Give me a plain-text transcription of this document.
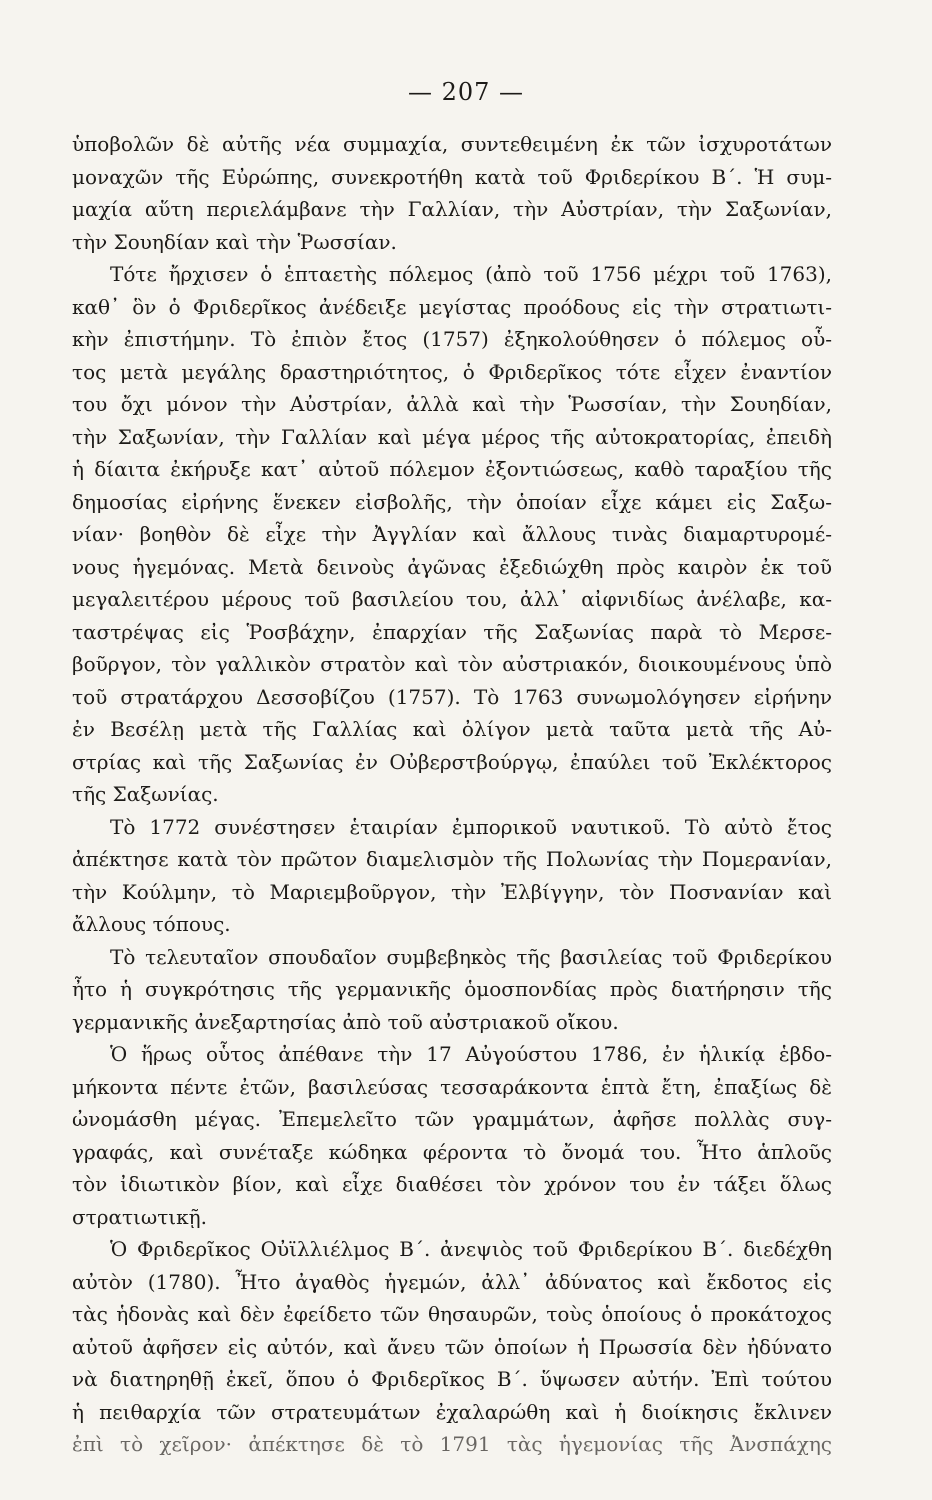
— 207 —
ὑποβολῶν δὲ αὐτῆς νέα συμμαχία, συντεθειμένη ἐκ τῶν ἰσχυροτάτων
μοναχῶν τῆς Εὐρώπης, συνεκροτήθη κατὰ τοῦ Φριδερίκου Β΄. Ἡ συμ-
μαχία αὕτη περιελάμβανε τὴν Γαλλίαν, τὴν Αὐστρίαν, τὴν Σαξωνίαν,
τὴν Σουηδίαν καὶ τὴν Ῥωσσίαν.
Τότε ἤρχισεν ὁ ἑπταετὴς πόλεμος (ἀπὸ τοῦ 1756 μέχρι τοῦ 1763),
καθ᾽ ὃν ὁ Φριδερῖκος ἀνέδειξε μεγίστας προόδους εἰς τὴν στρατιωτι-
κὴν ἐπιστήμην. Τὸ ἐπιὸν ἔτος (1757) ἐξηκολούθησεν ὁ πόλεμος οὗ-
τος μετὰ μεγάλης δραστηριότητος, ὁ Φριδερῖκος τότε εἶχεν ἐναντίον
του ὄχι μόνον τὴν Αὐστρίαν, ἀλλὰ καὶ τὴν Ῥωσσίαν, τὴν Σουηδίαν,
τὴν Σαξωνίαν, τὴν Γαλλίαν καὶ μέγα μέρος τῆς αὐτοκρατορίας, ἐπειδὴ
ἡ δίαιτα ἐκήρυξε κατ᾽ αὐτοῦ πόλεμον ἐξοντιώσεως, καθὸ ταραξίου τῆς
δημοσίας εἰρήνης ἕνεκεν εἰσβολῆς, τὴν ὁποίαν εἶχε κάμει εἰς Σαξω-
νίαν· βοηθὸν δὲ εἶχε τὴν Ἀγγλίαν καὶ ἄλλους τινὰς διαμαρτυρομέ-
νους ἡγεμόνας. Μετὰ δεινοὺς ἀγῶνας ἐξεδιώχθη πρὸς καιρὸν ἐκ τοῦ
μεγαλειτέρου μέρους τοῦ βασιλείου του, ἀλλ᾽ αἰφνιδίως ἀνέλαβε, κα-
ταστρέψας εἰς Ῥοσβάχην, ἐπαρχίαν τῆς Σαξωνίας παρὰ τὸ Μερσε-
βοῦργον, τὸν γαλλικὸν στρατὸν καὶ τὸν αὐστριακόν, διοικουμένους ὑπὸ
τοῦ στρατάρχου Δεσσοβίζου (1757). Τὸ 1763 συνωμολόγησεν εἰρήνην
ἐν Βεσέλῃ μετὰ τῆς Γαλλίας καὶ ὀλίγον μετὰ ταῦτα μετὰ τῆς Αὐ-
στρίας καὶ τῆς Σαξωνίας ἐν Οὐβερστβούργῳ, ἐπαύλει τοῦ Ἐκλέκτορος
τῆς Σαξωνίας.
Τὸ 1772 συνέστησεν ἑταιρίαν ἐμπορικοῦ ναυτικοῦ. Τὸ αὐτὸ ἔτος
ἀπέκτησε κατὰ τὸν πρῶτον διαμελισμὸν τῆς Πολωνίας τὴν Πομερανίαν,
τὴν Κούλμην, τὸ Μαριεμβοῦργον, τὴν Ἐλβίγγην, τὸν Ποσνανίαν καὶ
ἄλλους τόπους.
Τὸ τελευταῖον σπουδαῖον συμβεβηκὸς τῆς βασιλείας τοῦ Φριδερίκου
ἦτο ἡ συγκρότησις τῆς γερμανικῆς ὁμοσπονδίας πρὸς διατήρησιν τῆς
γερμανικῆς ἀνεξαρτησίας ἀπὸ τοῦ αὐστριακοῦ οἴκου.
Ὁ ἥρως οὗτος ἀπέθανε τὴν 17 Αὐγούστου 1786, ἐν ἡλικίᾳ ἑβδο-
μήκοντα πέντε ἐτῶν, βασιλεύσας τεσσαράκοντα ἑπτὰ ἔτη, ἐπαξίως δὲ
ὠνομάσθη μέγας. Ἐπεμελεῖτο τῶν γραμμάτων, ἀφῆσε πολλὰς συγ-
γραφάς, καὶ συνέταξε κώδηκα φέροντα τὸ ὄνομά του. Ἦτο ἁπλοῦς
τὸν ἰδιωτικὸν βίον, καὶ εἶχε διαθέσει τὸν χρόνον του ἐν τάξει ὅλως
στρατιωτικῇ.
Ὁ Φριδερῖκος Οὐϊλλιέλμος Β΄. ἀνεψιὸς τοῦ Φριδερίκου Β΄. διεδέχθη
αὐτὸν (1780). Ἦτο ἀγαθὸς ἡγεμών, ἀλλ᾽ ἀδύνατος καὶ ἔκδοτος εἰς
τὰς ἡδονὰς καὶ δὲν ἐφείδετο τῶν θησαυρῶν, τοὺς ὁποίους ὁ προκάτοχος
αὐτοῦ ἀφῆσεν εἰς αὐτόν, καὶ ἄνευ τῶν ὁποίων ἡ Πρωσσία δὲν ἠδύνατο
νὰ διατηρηθῇ ἐκεῖ, ὅπου ὁ Φριδερῖκος Β΄. ὕψωσεν αὐτήν. Ἐπὶ τούτου
ἡ πειθαρχία τῶν στρατευμάτων ἐχαλαρώθη καὶ ἡ διοίκησις ἔκλινεν
ἐπὶ τὸ χεῖρον· ἀπέκτησε δὲ τὸ 1791 τὰς ἡγεμονίας τῆς Ἀνσπάχης
